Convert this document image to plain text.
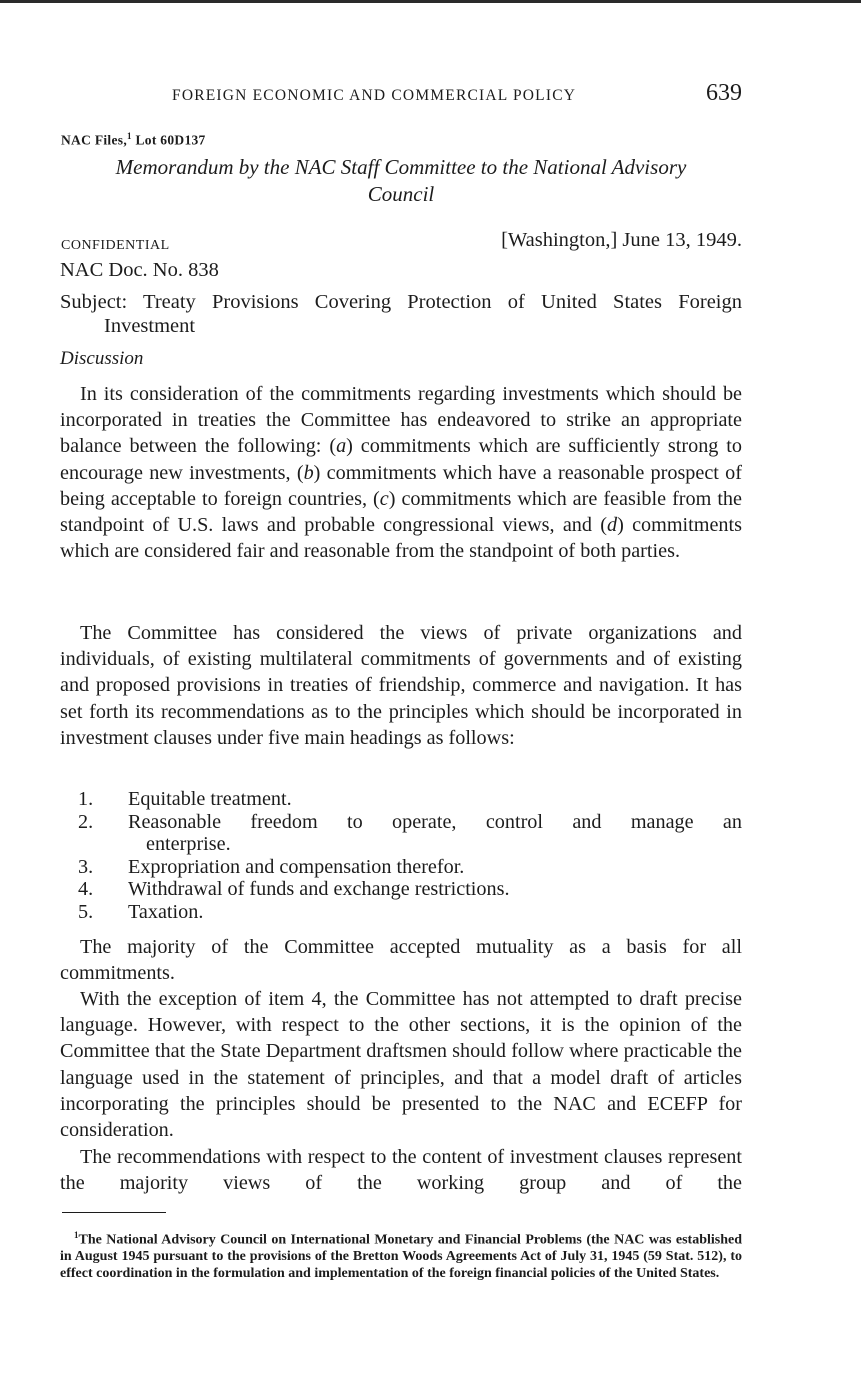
FOREIGN ECONOMIC AND COMMERCIAL POLICY	639
NAC Files,$^1$ Lot 60D137
Memorandum by the NAC Staff Committee to the National Advisory
Council
CONFIDENTIAL	[Washington,] June 13, 1949.
NAC Doc. No. 838
Subject: Treaty Provisions Covering Protection of United States Foreign Investment
Discussion

In its consideration of the commitments regarding investments which should be incorporated in treaties the Committee has endeavored to strike an appropriate balance between the following: (a) commitments which are sufficiently strong to encourage new investments, (b) commitments which have a reasonable prospect of being acceptable to foreign countries, (c) commitments which are feasible from the standpoint of U.S. laws and probable congressional views, and (d) commitments which are considered fair and reasonable from the standpoint of both parties.

The Committee has considered the views of private organizations and individuals, of existing multilateral commitments of governments and of existing and proposed provisions in treaties of friendship, commerce and navigation. It has set forth its recommendations as to the principles which should be incorporated in investment clauses under five main headings as follows:

1.	Equitable treatment.
2.	Reasonable freedom to operate, control and manage an
enterprise.
3.	Expropriation and compensation therefor.
4.	Withdrawal of funds and exchange restrictions.
5.	Taxation.

The majority of the Committee accepted mutuality as a basis for all commitments.

With the exception of item 4, the Committee has not attempted to draft precise language. However, with respect to the other sections, it is the opinion of the Committee that the State Department draftsmen should follow where practicable the language used in the statement of principles, and that a model draft of articles incorporating the principles should be presented to the NAC and ECEFP for consideration.

The recommendations with respect to the content of investment clauses represent the majority views of the working group and of the

$^1$The National Advisory Council on International Monetary and Financial Problems (the NAC was established in August 1945 pursuant to the provisions of the Bretton Woods Agreements Act of July 31, 1945 (59 Stat. 512), to effect coordination in the formulation and implementation of the foreign financial policies of the United States.
